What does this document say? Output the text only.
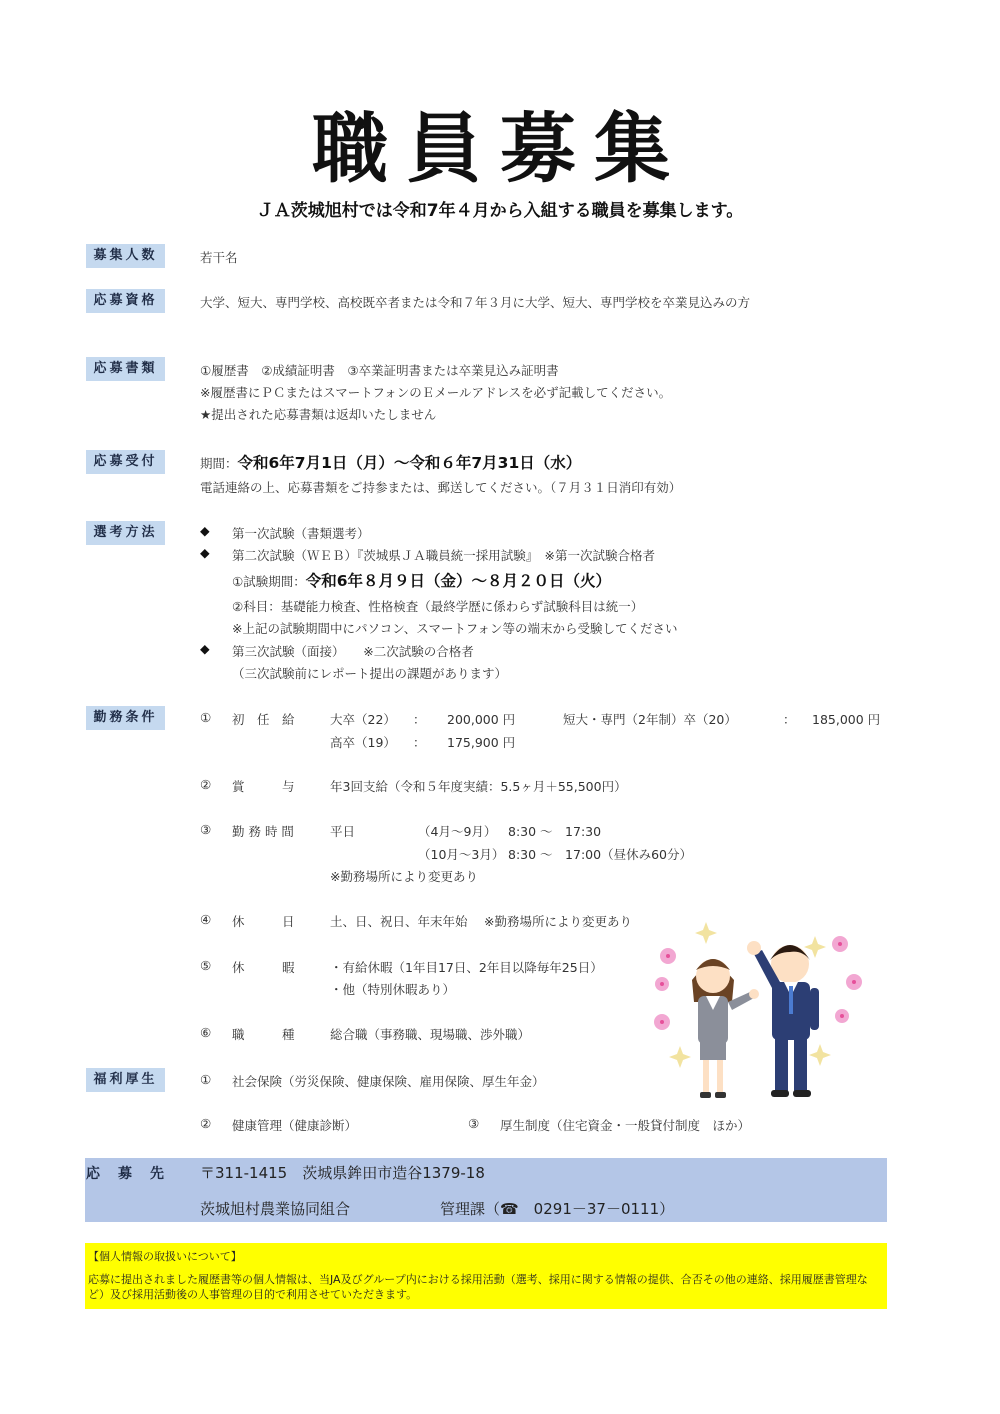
職員募集
ＪＡ茨城旭村では令和7年４月から入組する職員を募集します。
募集人数	若干名
応募資格	大学、短大、専門学校、高校既卒者または令和７年３月に大学、短大、専門学校を卒業見込みの方
応募書類	①履歴書　②成績証明書　③卒業証明書または卒業見込み証明書
※履歴書にＰＣまたはスマートフォンのＥメールアドレスを必ず記載してください。
★提出された応募書類は返却いたしません
応募受付	期間：令和6年7月1日（月）～令和６年7月31日（水）
電話連絡の上、応募書類をご持参または、郵送してください。（７月３１日消印有効）
選考方法	◆ 第一次試験（書類選考）
◆ 第二次試験（ＷＥＢ）『茨城県ＪＡ職員統一採用試験』　※第一次試験合格者
①試験期間：令和6年８月９日（金）～８月２０日（火）
②科目：基礎能力検査、性格検査（最終学歴に係わらず試験科目は統一）
※上記の試験期間中にパソコン、スマートフォン等の端末から受験してください
◆ 第三次試験（面接）　　※二次試験の合格者
（三次試験前にレポート提出の課題があります）
勤務条件	① 初　任　給	大卒（22） ： 200,000 円	短大・専門（2年制）卒（20）	： 185,000 円
高卒（19） ： 175,900 円
② 賞　　　与	年3回支給（令和５年度実績：5.5ヶ月＋55,500円）
③ 勤 務 時 間	平日	（4月～9月） 8:30 ～　17:30
（10月～3月） 8:30 ～　17:00（昼休み60分）
※勤務場所により変更あり
④ 休　　　日	土、日、祝日、年末年始　 ※勤務場所により変更あり
⑤ 休　　　暇	・有給休暇（1年目17日、2年目以降毎年25日）
・他（特別休暇あり）
⑥ 職　　　種	総合職（事務職、現場職、渉外職）
福利厚生	① 社会保険（労災保険、健康保険、雇用保険、厚生年金）
② 健康管理（健康診断）	③ 厚生制度（住宅資金・一般貸付制度　ほか）
応　募　先 〒311-1415　茨城県鉾田市造谷1379-18
茨城旭村農業協同組合	管理課（☎　0291－37－0111）
【個人情報の取扱いについて】
応募に提出されました履歴書等の個人情報は、当JA及びグループ内における採用活動（選考、採用に関する情報の提供、合否その他の連絡、採用履歴書管理など）及び採用活動後の人事管理の目的で利用させていただきます。
